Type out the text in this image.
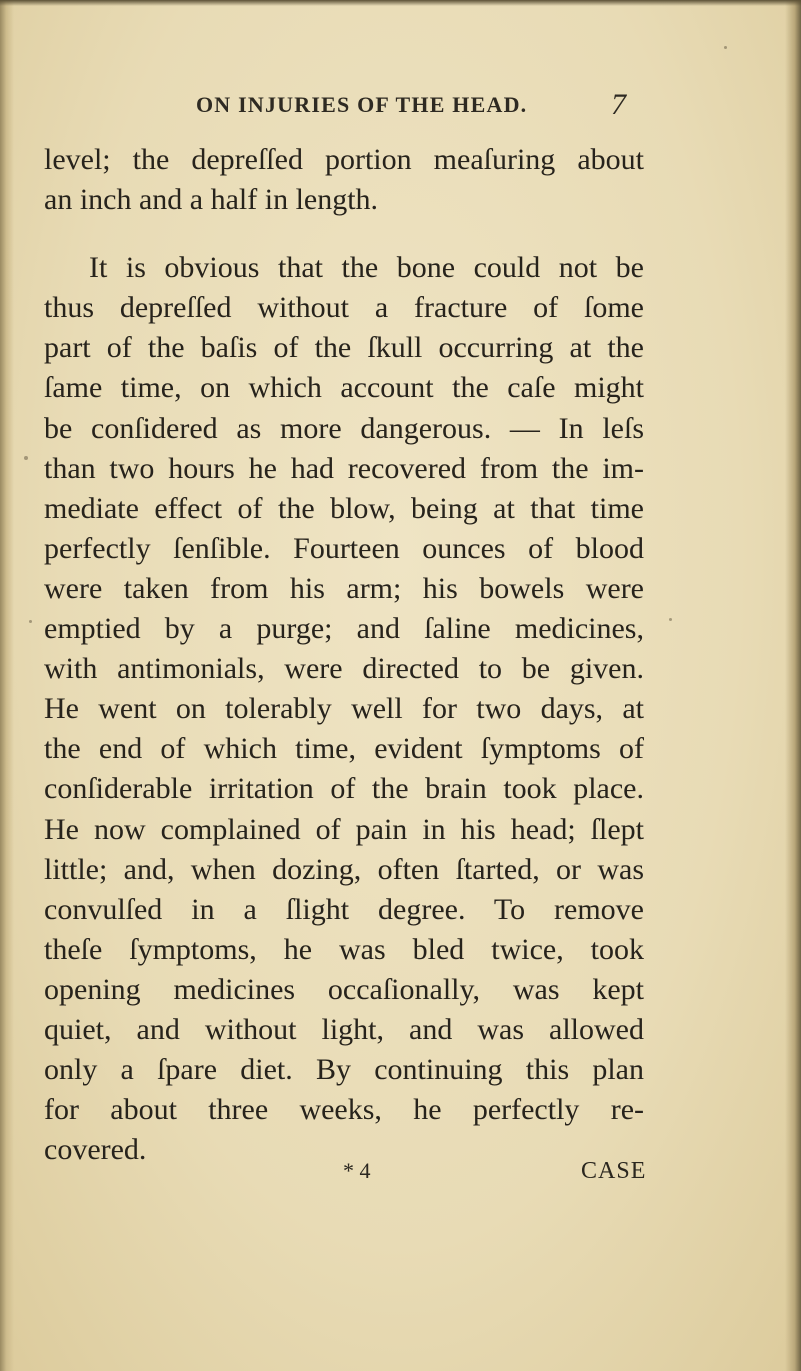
ON INJURIES OF THE HEAD.	7
level; the depreſſed portion meaſuring about
an inch and a half in length.
It is obvious that the bone could not be
thus depreſſed without a fracture of ſome
part of the baſis of the ſkull occurring at the
ſame time, on which account the caſe might
be conſidered as more dangerous. — In leſs
than two hours he had recovered from the im-
mediate effect of the blow, being at that time
perfectly ſenſible. Fourteen ounces of blood
were taken from his arm; his bowels were
emptied by a purge; and ſaline medicines,
with antimonials, were directed to be given.
He went on tolerably well for two days, at
the end of which time, evident ſymptoms of
conſiderable irritation of the brain took place.
He now complained of pain in his head; ſlept
little; and, when dozing, often ſtarted, or was
convulſed in a ſlight degree. To remove
theſe ſymptoms, he was bled twice, took
opening medicines occaſionally, was kept
quiet, and without light, and was allowed
only a ſpare diet. By continuing this plan
for about three weeks, he perfectly re-
covered.
* 4	CASE
